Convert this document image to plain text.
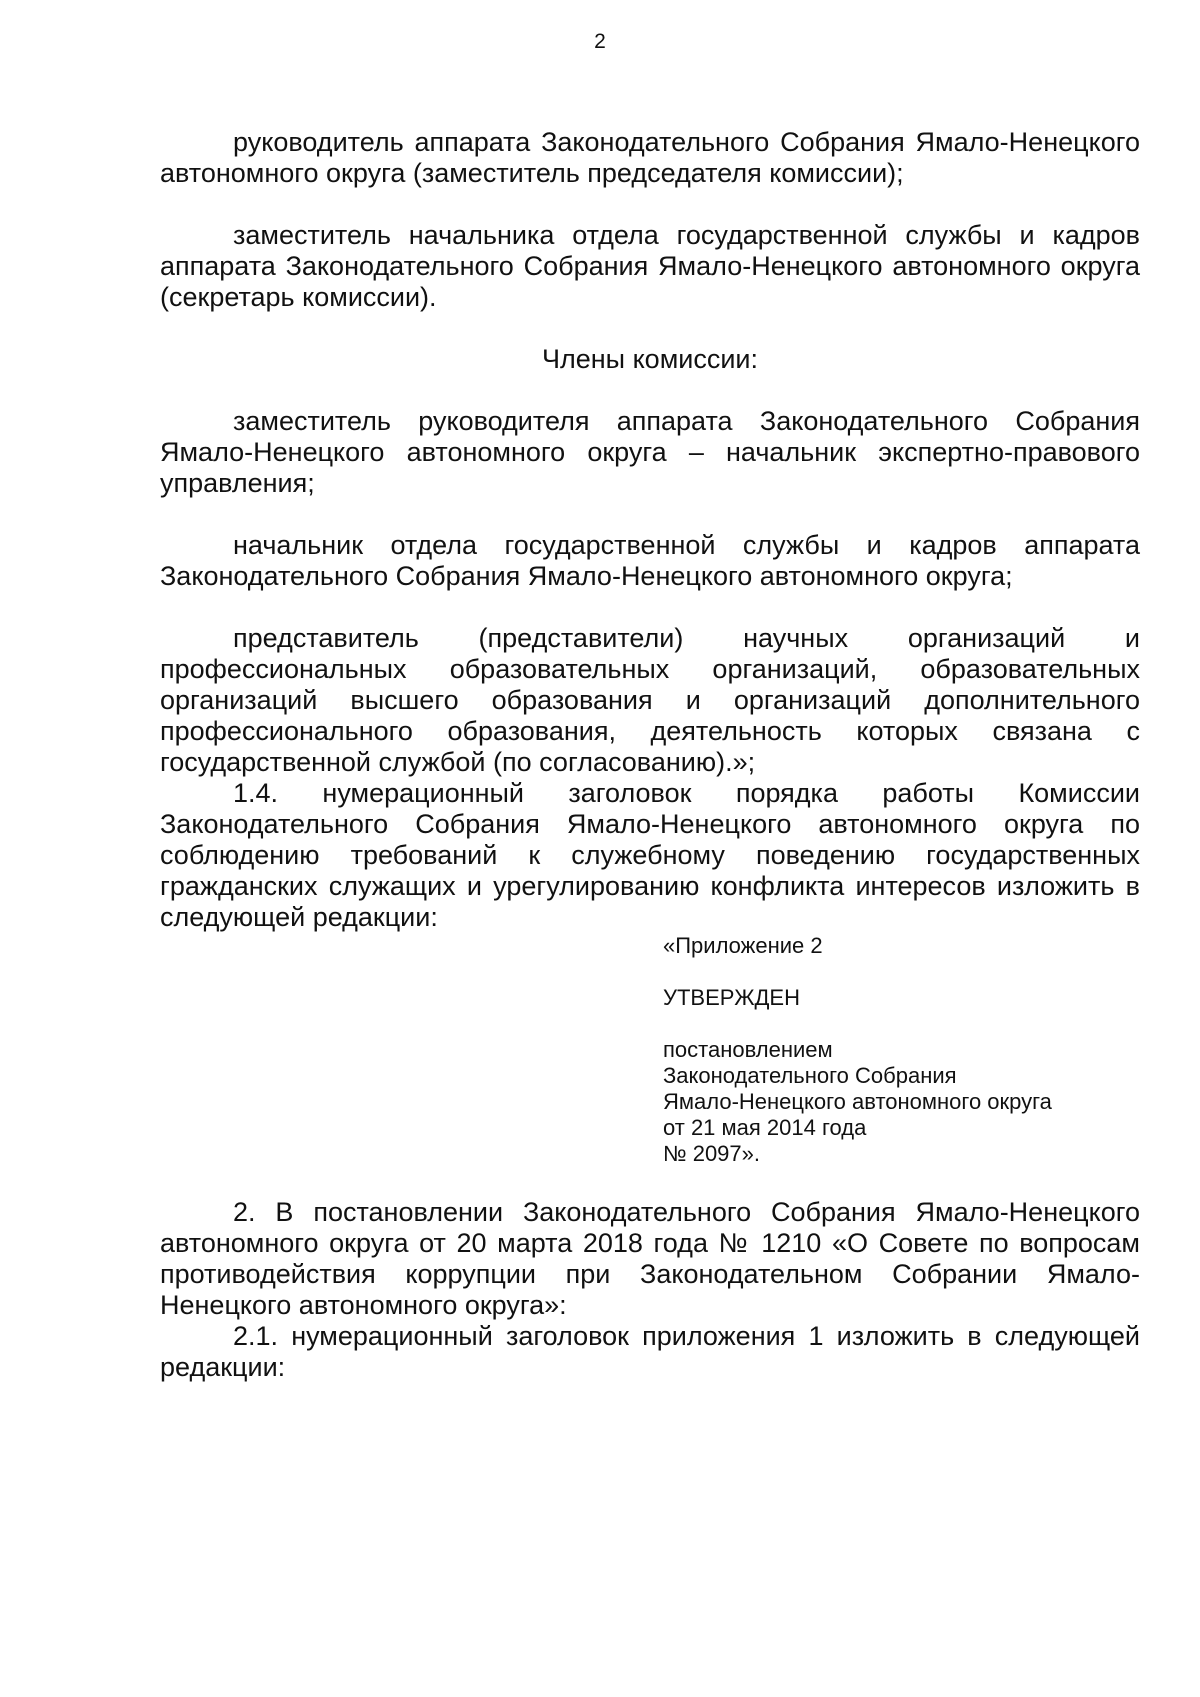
2

руководитель аппарата Законодательного Собрания Ямало-Ненецкого автономного округа (заместитель председателя комиссии);

заместитель начальника отдела государственной службы и кадров аппарата Законодательного Собрания Ямало-Ненецкого автономного округа (секретарь комиссии).

Члены комиссии:

заместитель руководителя аппарата Законодательного Собрания Ямало-Ненецкого автономного округа – начальник экспертно-правового управления;

начальник отдела государственной службы и кадров аппарата Законодательного Собрания Ямало-Ненецкого автономного округа;

представитель (представители) научных организаций и профессиональных образовательных организаций, образовательных организаций высшего образования и организаций дополнительного профессионального образования, деятельность которых связана с государственной службой (по согласованию).»;

1.4. нумерационный заголовок порядка работы Комиссии Законодательного Собрания Ямало-Ненецкого автономного округа по соблюдению требований к служебному поведению государственных гражданских служащих и урегулированию конфликта интересов изложить в следующей редакции:

«Приложение 2

УТВЕРЖДЕН

постановлением

Законодательного Собрания

Ямало-Ненецкого автономного округа

от 21 мая 2014 года

№ 2097».

2. В постановлении Законодательного Собрания Ямало-Ненецкого автономного округа от 20 марта 2018 года № 1210 «О Совете по вопросам противодействия коррупции при Законодательном Собрании Ямало-Ненецкого автономного округа»:

2.1. нумерационный заголовок приложения 1 изложить в следующей редакции:
